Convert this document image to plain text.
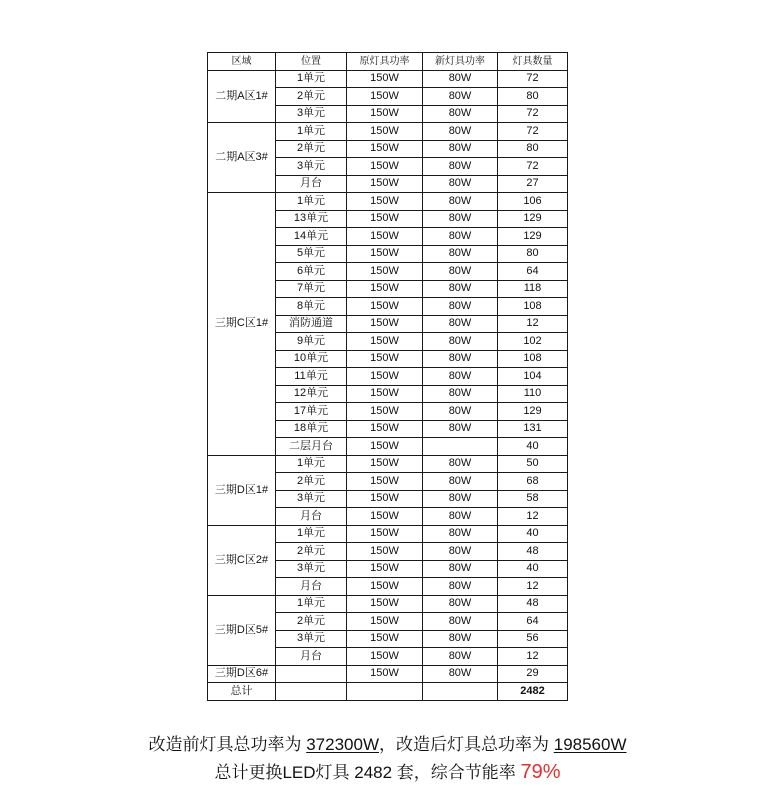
区域	位置	原灯具功率	新灯具功率	灯具数量
二期A区1#	1单元	150W	80W	72
	2单元	150W	80W	80
	3单元	150W	80W	72
二期A区3#	1单元	150W	80W	72
	2单元	150W	80W	80
	3单元	150W	80W	72
	月台	150W	80W	27
三期C区1#	1单元	150W	80W	106
	13单元	150W	80W	129
	14单元	150W	80W	129
	5单元	150W	80W	80
	6单元	150W	80W	64
	7单元	150W	80W	118
	8单元	150W	80W	108
	消防通道	150W	80W	12
	9单元	150W	80W	102
	10单元	150W	80W	108
	11单元	150W	80W	104
	12单元	150W	80W	110
	17单元	150W	80W	129
	18单元	150W	80W	131
	二层月台	150W		40
三期D区1#	1单元	150W	80W	50
	2单元	150W	80W	68
	3单元	150W	80W	58
	月台	150W	80W	12
三期C区2#	1单元	150W	80W	40
	2单元	150W	80W	48
	3单元	150W	80W	40
	月台	150W	80W	12
三期D区5#	1单元	150W	80W	48
	2单元	150W	80W	64
	3单元	150W	80W	56
	月台	150W	80W	12
三期D区6#		150W	80W	29
总计				2482
改造前灯具总功率为 372300W，改造后灯具总功率为 198560W
总计更换LED灯具 2482 套，综合节能率 79%
